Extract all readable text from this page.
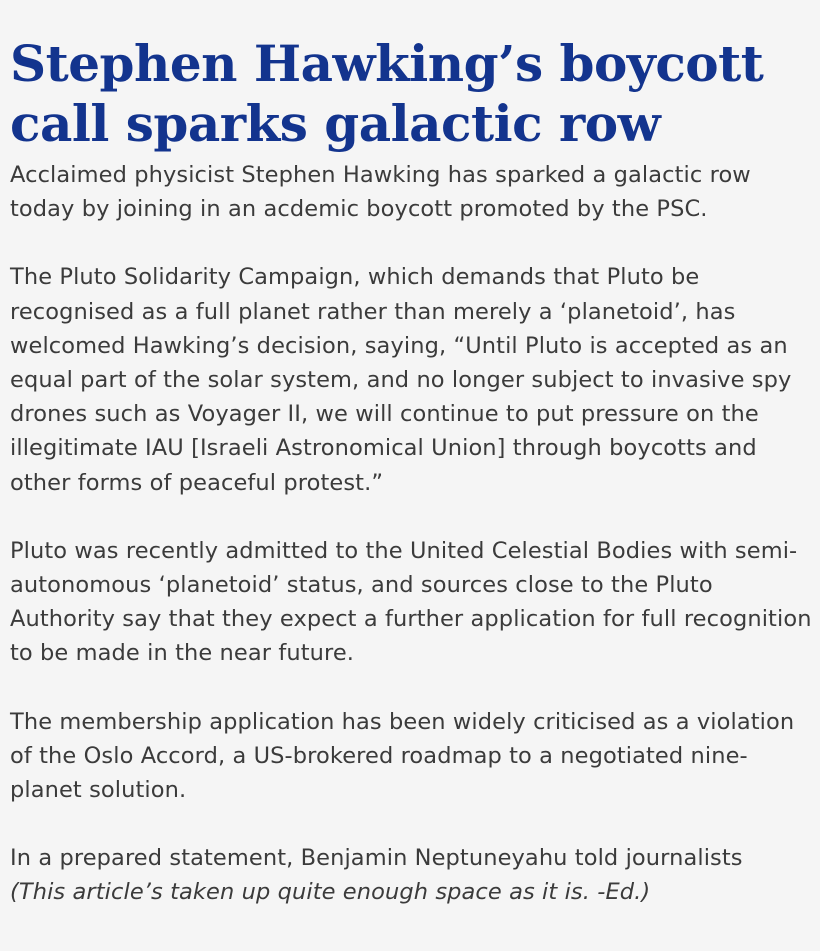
Stephen Hawking’s boycott call sparks galactic row

Acclaimed physicist Stephen Hawking has sparked a galactic row today by joining in an acdemic boycott promoted by the PSC.

The Pluto Solidarity Campaign, which demands that Pluto be recognised as a full planet rather than merely a ‘planetoid’, has welcomed Hawking’s decision, saying, “Until Pluto is accepted as an equal part of the solar system, and no longer subject to invasive spy drones such as Voyager II, we will continue to put pressure on the illegitimate IAU [Israeli Astronomical Union] through boycotts and other forms of peaceful protest.”

Pluto was recently admitted to the United Celestial Bodies with semi-autonomous ‘planetoid’ status, and sources close to the Pluto Authority say that they expect a further application for full recognition to be made in the near future.

The membership application has been widely criticised as a violation of the Oslo Accord, a US-brokered roadmap to a negotiated nine-planet solution.

In a prepared statement, Benjamin Neptuneyahu told journalists
(This article’s taken up quite enough space as it is. -Ed.)
